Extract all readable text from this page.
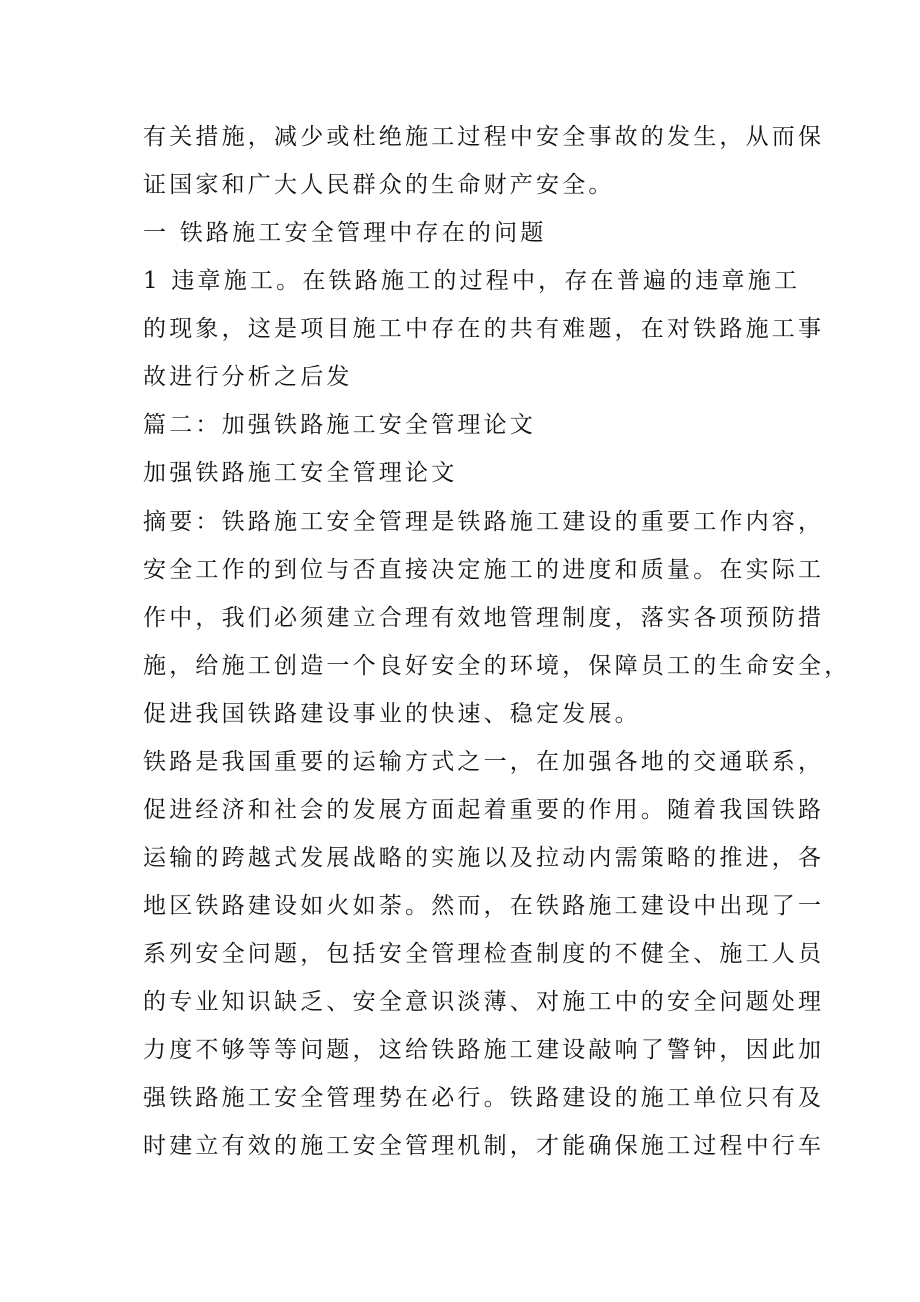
有关措施，减少或杜绝施工过程中安全事故的发生，从而保
证国家和广大人民群众的生命财产安全。
一 铁路施工安全管理中存在的问题
1 违章施工。在铁路施工的过程中，存在普遍的违章施工
的现象，这是项目施工中存在的共有难题，在对铁路施工事
故进行分析之后发
篇二：加强铁路施工安全管理论文
加强铁路施工安全管理论文
摘要：铁路施工安全管理是铁路施工建设的重要工作内容，
安全工作的到位与否直接决定施工的进度和质量。在实际工
作中，我们必须建立合理有效地管理制度，落实各项预防措
施，给施工创造一个良好安全的环境，保障员工的生命安全，
促进我国铁路建设事业的快速、稳定发展。
铁路是我国重要的运输方式之一，在加强各地的交通联系，
促进经济和社会的发展方面起着重要的作用。随着我国铁路
运输的跨越式发展战略的实施以及拉动内需策略的推进，各
地区铁路建设如火如荼。然而，在铁路施工建设中出现了一
系列安全问题，包括安全管理检查制度的不健全、施工人员
的专业知识缺乏、安全意识淡薄、对施工中的安全问题处理
力度不够等等问题，这给铁路施工建设敲响了警钟，因此加
强铁路施工安全管理势在必行。铁路建设的施工单位只有及
时建立有效的施工安全管理机制，才能确保施工过程中行车
